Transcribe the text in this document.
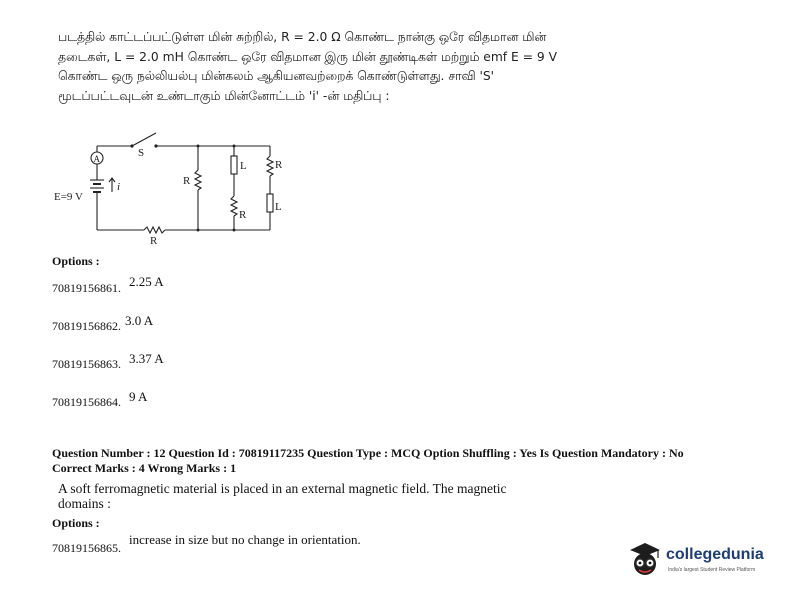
படத்தில் காட்டப்பட்டுள்ள மின் சுற்றில், R = 2.0 Ω கொண்ட நான்கு ஒரே விதமான மின்
தடைகள், L = 2.0 mH கொண்ட ஒரே விதமான இரு மின் தூண்டிகள் மற்றும் emf E = 9 V
கொண்ட ஒரு நல்லியல்பு மின்கலம் ஆகியனவற்றைக் கொண்டுள்ளது. சாவி 'S'
மூடப்பட்டவுடன் உண்டாகும் மின்னோட்டம் 'i' -ன் மதிப்பு :
A	S
E=9 V
i
R
R
L
R
R
L
Options :
70819156861. 2.25 A
70819156862. 3.0 A
70819156863. 3.37 A
70819156864. 9 A
Question Number : 12 Question Id : 70819117235 Question Type : MCQ Option Shuffling : Yes Is Question Mandatory : No
Correct Marks : 4 Wrong Marks : 1
A soft ferromagnetic material is placed in an external magnetic field. The magnetic
domains :
Options :
70819156865.
increase in size but no change in orientation.
collegedunia
India's largest Student Review Platform
